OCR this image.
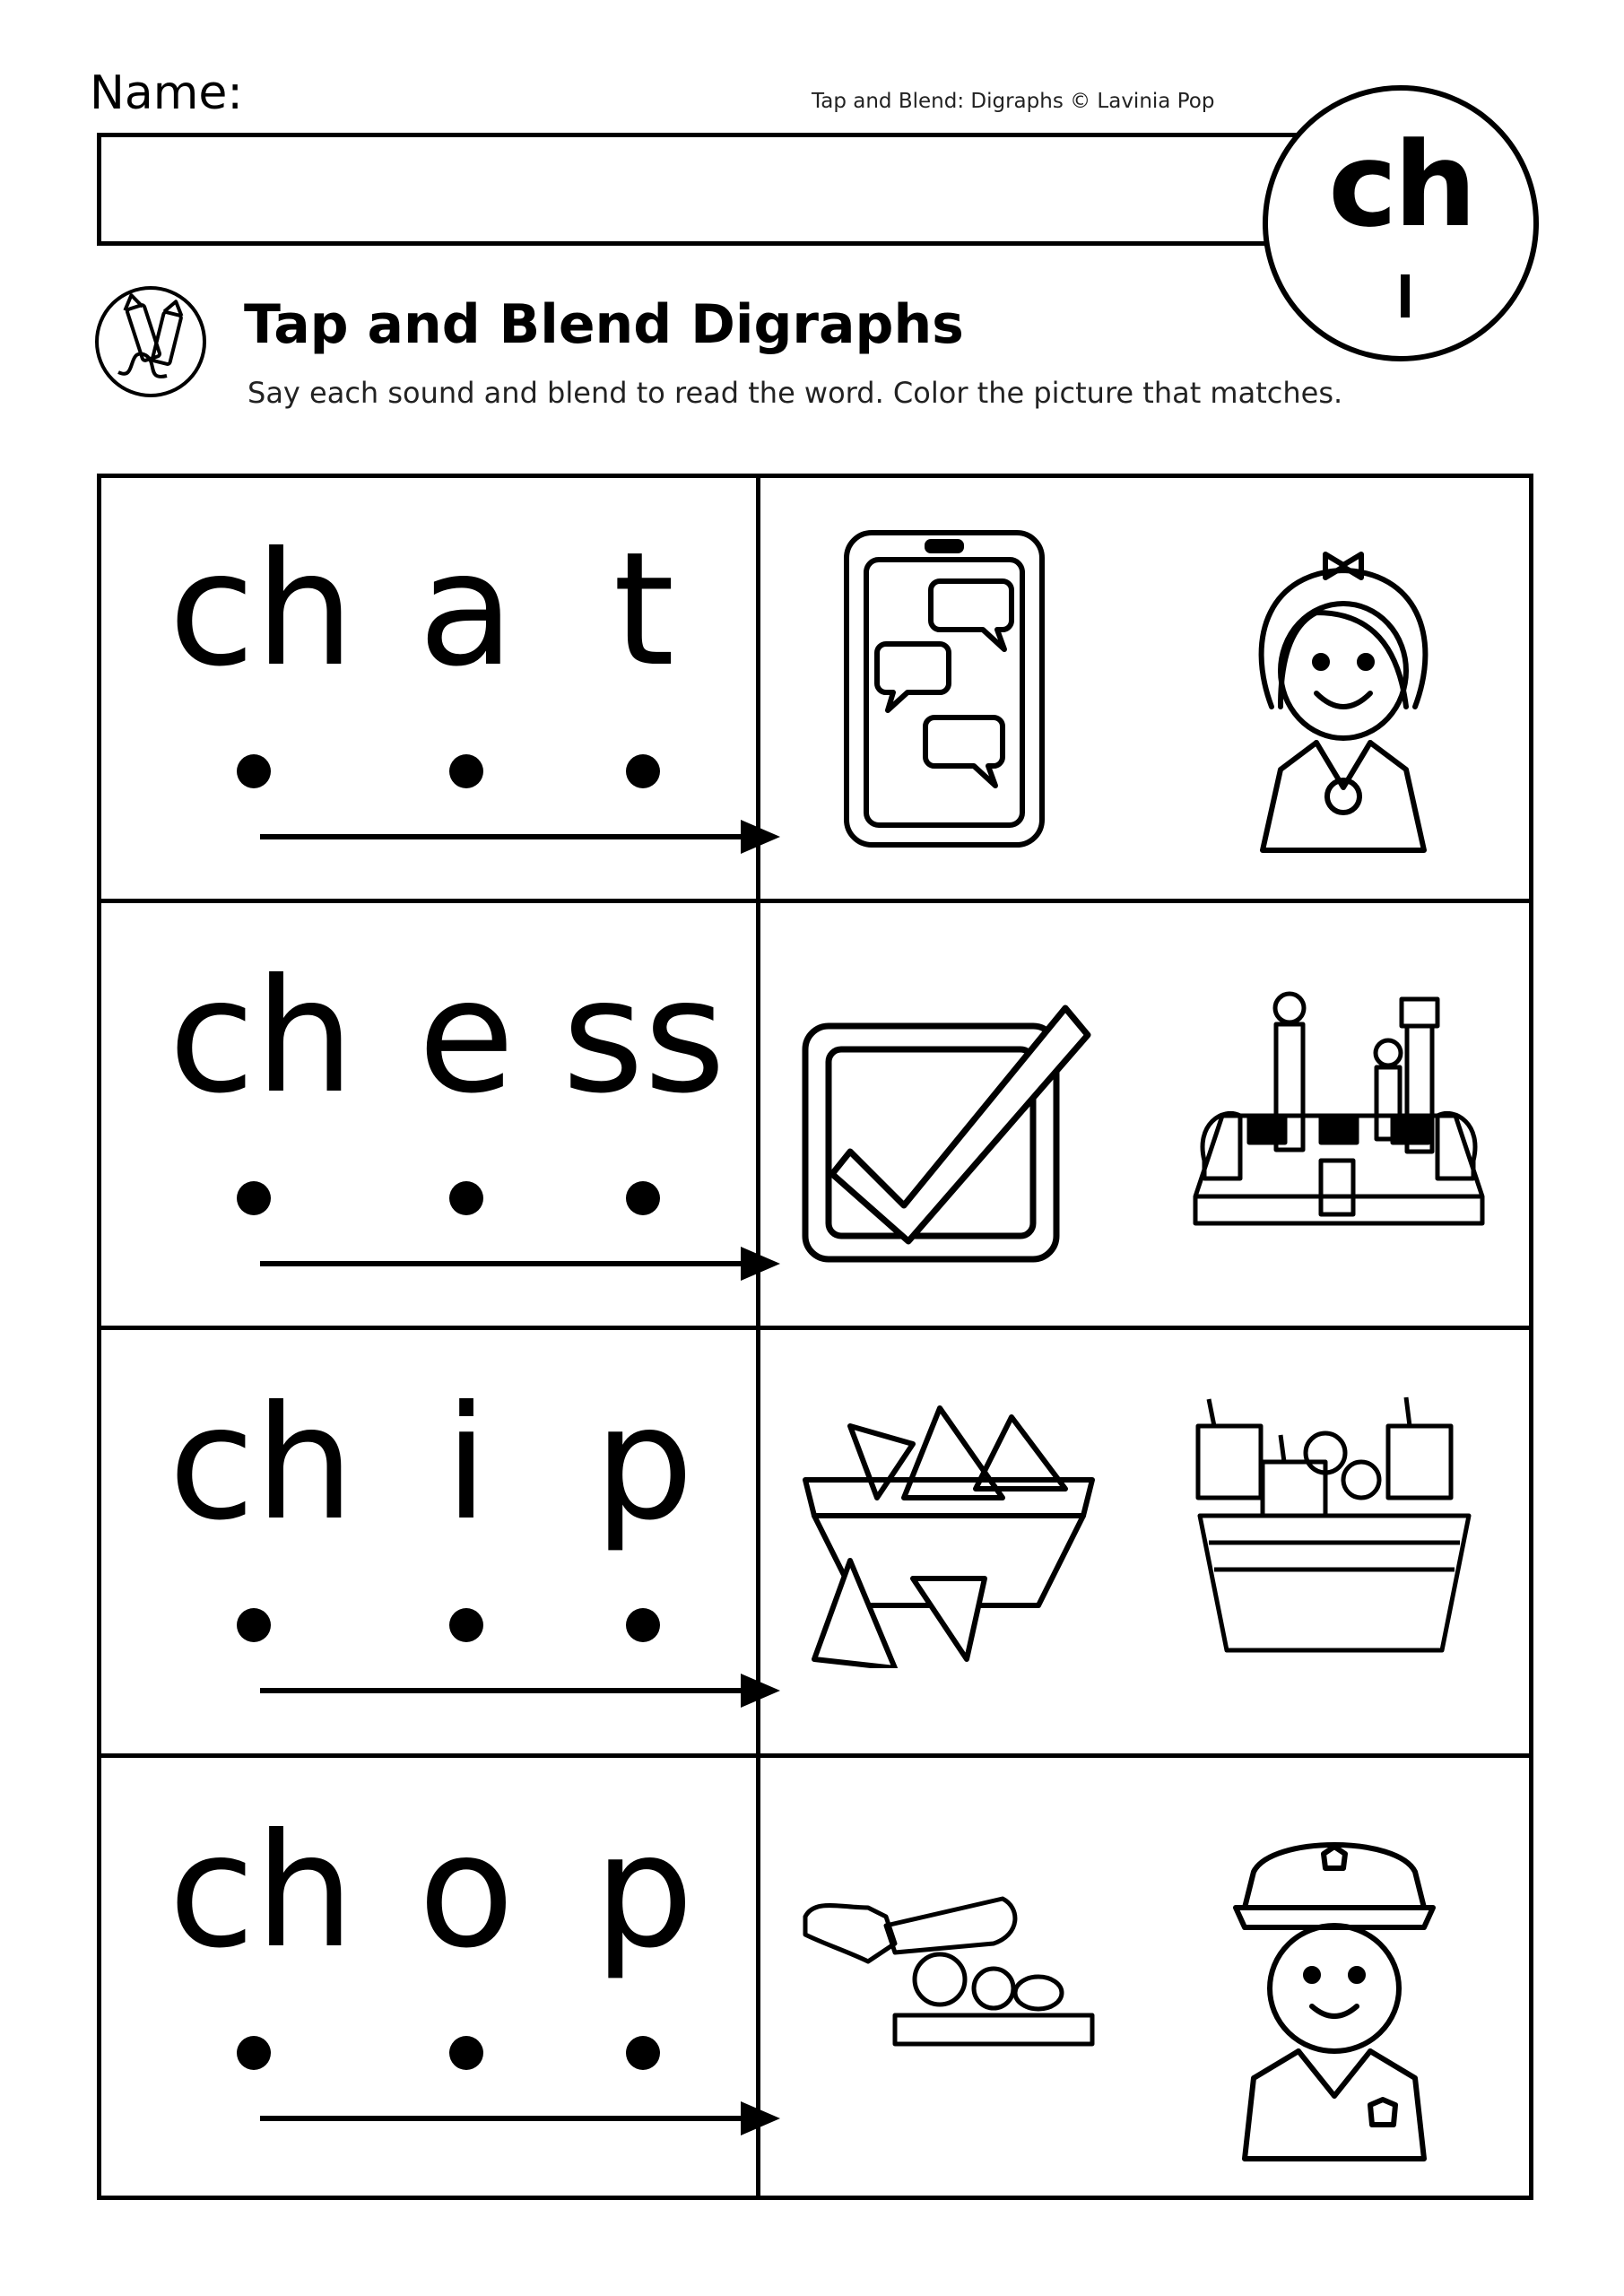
Name:	Tap and Blend: Digraphs © Lavinia Pop
ch
Tap and Blend Digraphs
Say each sound and blend to read the word. Color the picture that matches.
ch a t
ch e ss
ch i p
ch o p
